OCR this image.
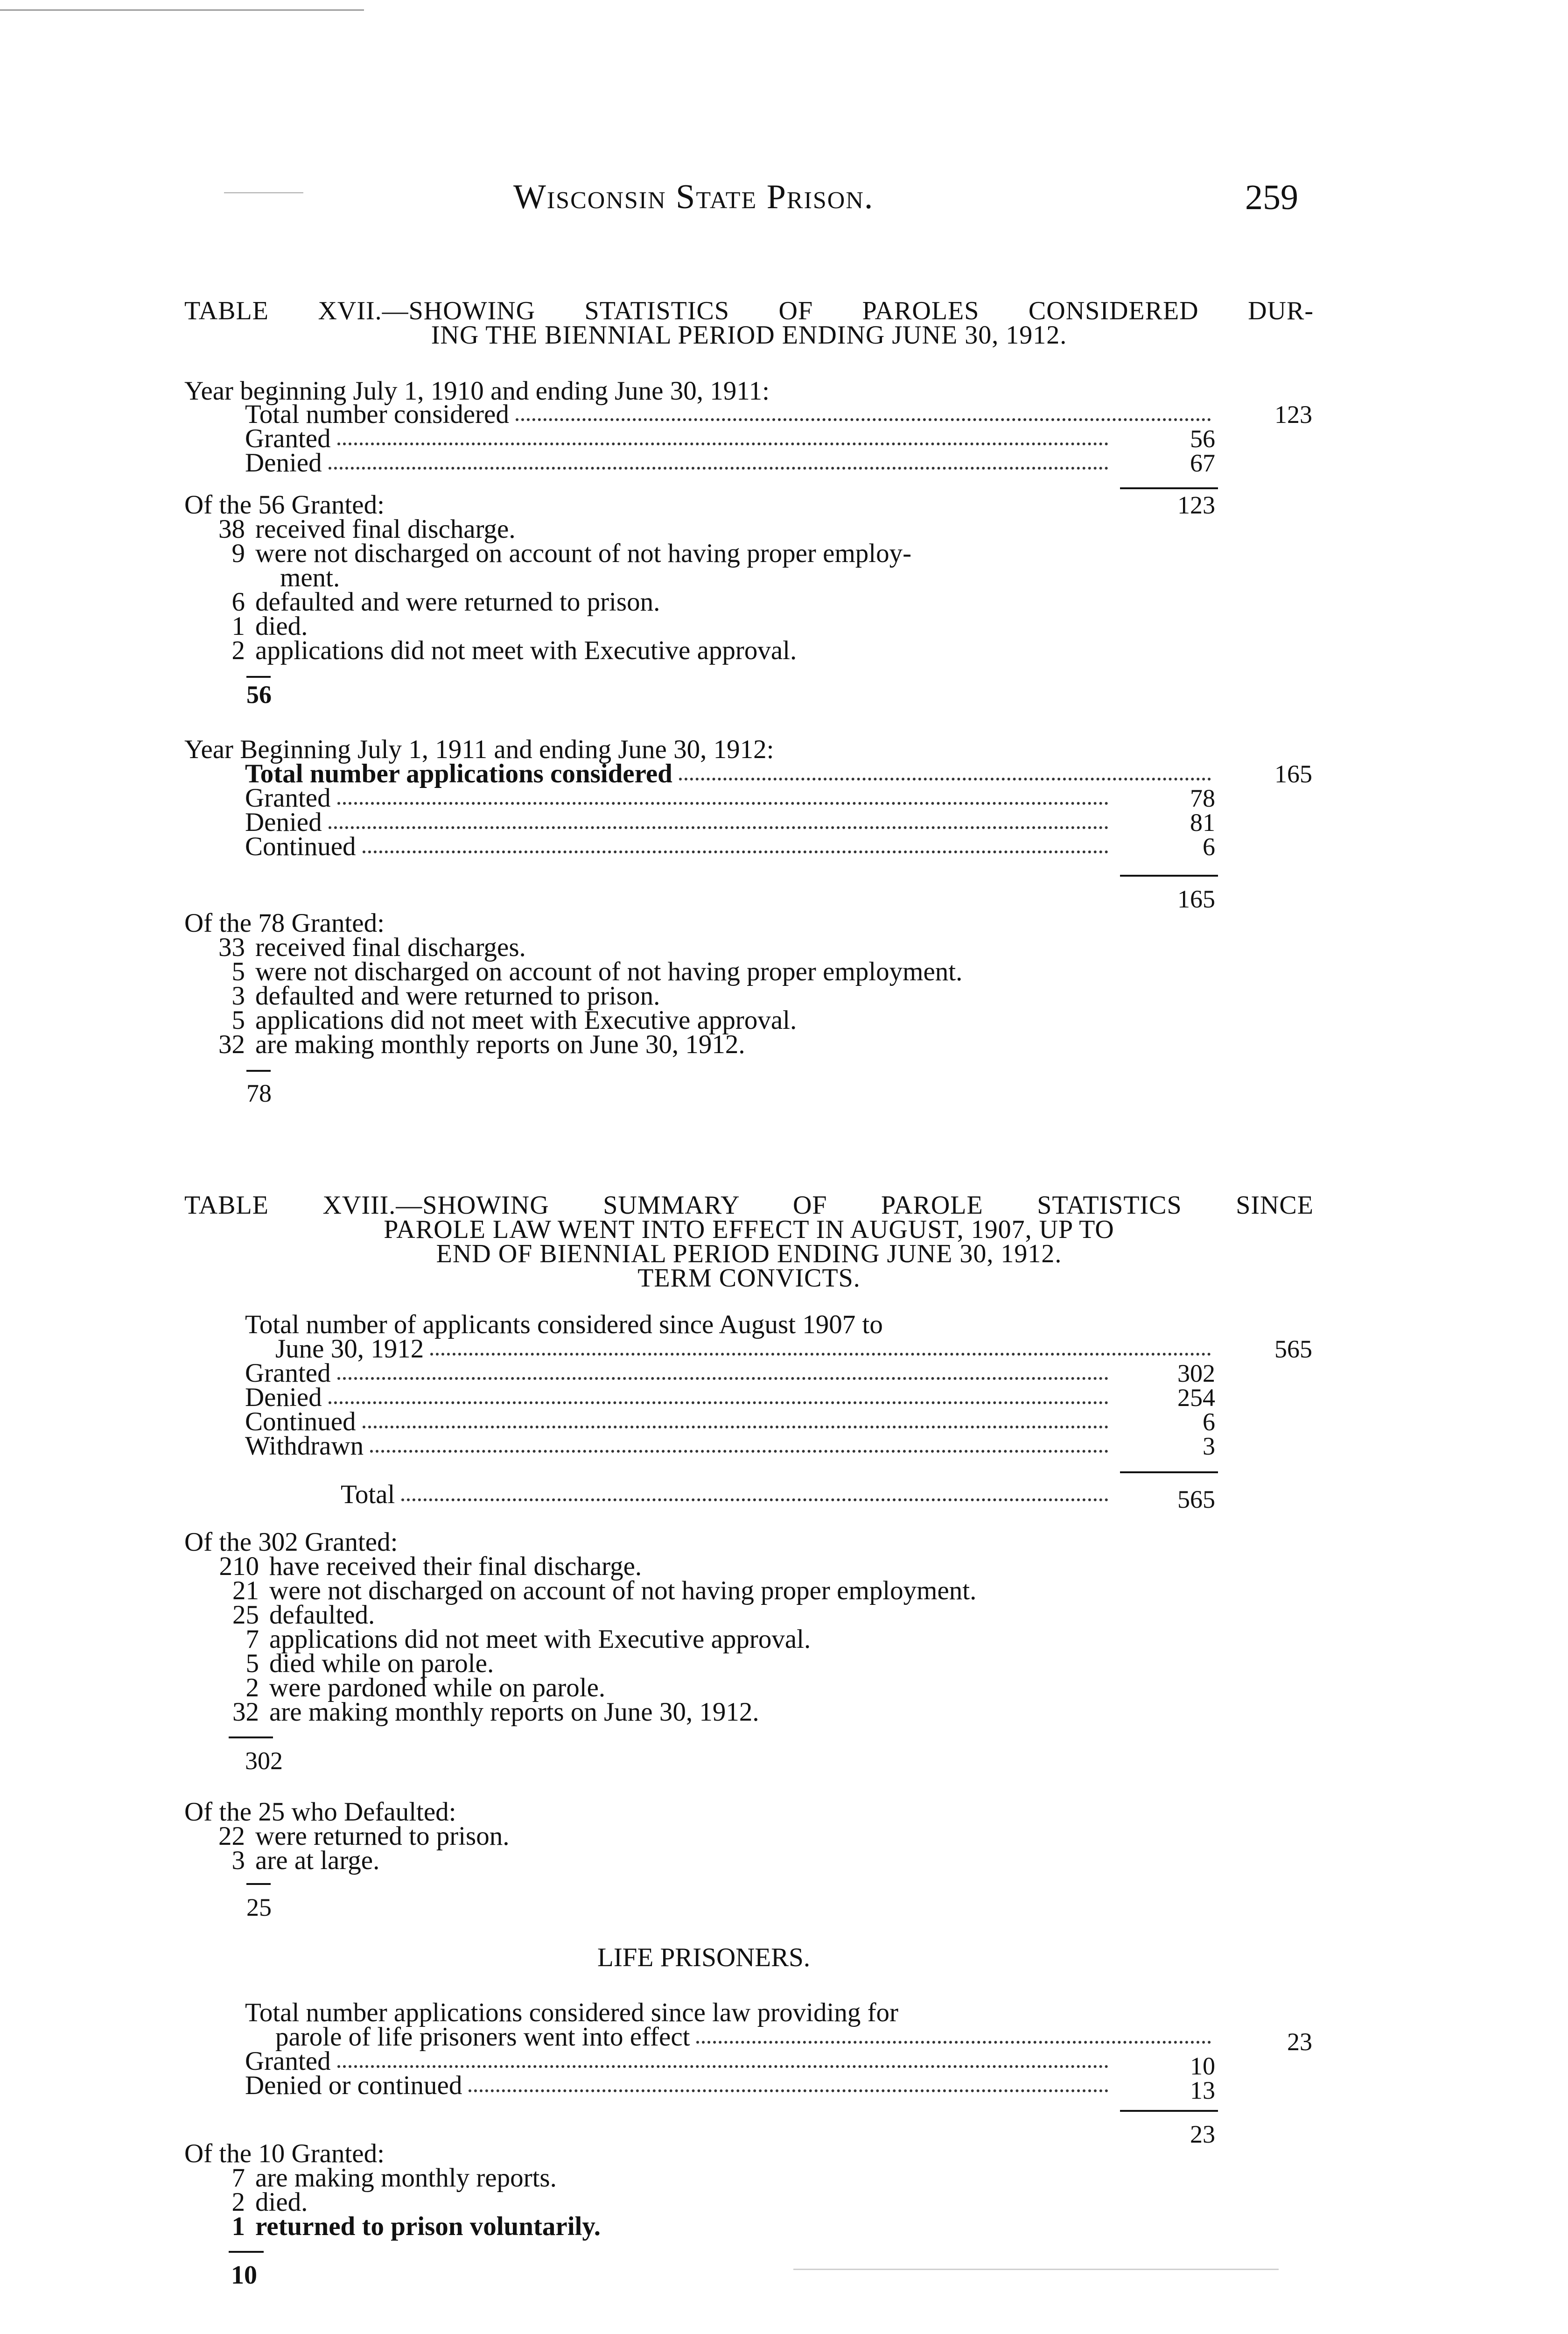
Wisconsin State Prison.	259
TABLE XVII.—SHOWING STATISTICS OF PAROLES CONSIDERED DUR-
ING THE BIENNIAL PERIOD ENDING JUNE 30, 1912.
Year beginning July 1, 1910 and ending June 30, 1911:
Total number considered	123
Granted	56
Denied	67
123
Of the 56 Granted:
38 received final discharge.
9 were not discharged on account of not having proper employ-
ment.
6 defaulted and were returned to prison.
1 died.
2 applications did not meet with Executive approval.
56
Year Beginning July 1, 1911 and ending June 30, 1912:
Total number applications considered	165
Granted	78
Denied	81
Continued	6
165
Of the 78 Granted:
33 received final discharges.
5 were not discharged on account of not having proper employment.
3 defaulted and were returned to prison.
5 applications did not meet with Executive approval.
32 are making monthly reports on June 30, 1912.
78
TABLE XVIII.—SHOWING SUMMARY OF PAROLE STATISTICS SINCE
PAROLE LAW WENT INTO EFFECT IN AUGUST, 1907, UP TO
END OF BIENNIAL PERIOD ENDING JUNE 30, 1912.
TERM CONVICTS.
Total number of applicants considered since August 1907 to
June 30, 1912	565
Granted	302
Denied	254
Continued	6
Withdrawn	3
Total	565
Of the 302 Granted:
210 have received their final discharge.
21 were not discharged on account of not having proper employment.
25 defaulted.
7 applications did not meet with Executive approval.
5 died while on parole.
2 were pardoned while on parole.
32 are making monthly reports on June 30, 1912.
302
Of the 25 who Defaulted:
22 were returned to prison.
3 are at large.
25
LIFE PRISONERS.
Total number applications considered since law providing for
parole of life prisoners went into effect	23
Granted	10
Denied or continued	13
23
Of the 10 Granted:
7 are making monthly reports.
2 died.
1 returned to prison voluntarily.
10
